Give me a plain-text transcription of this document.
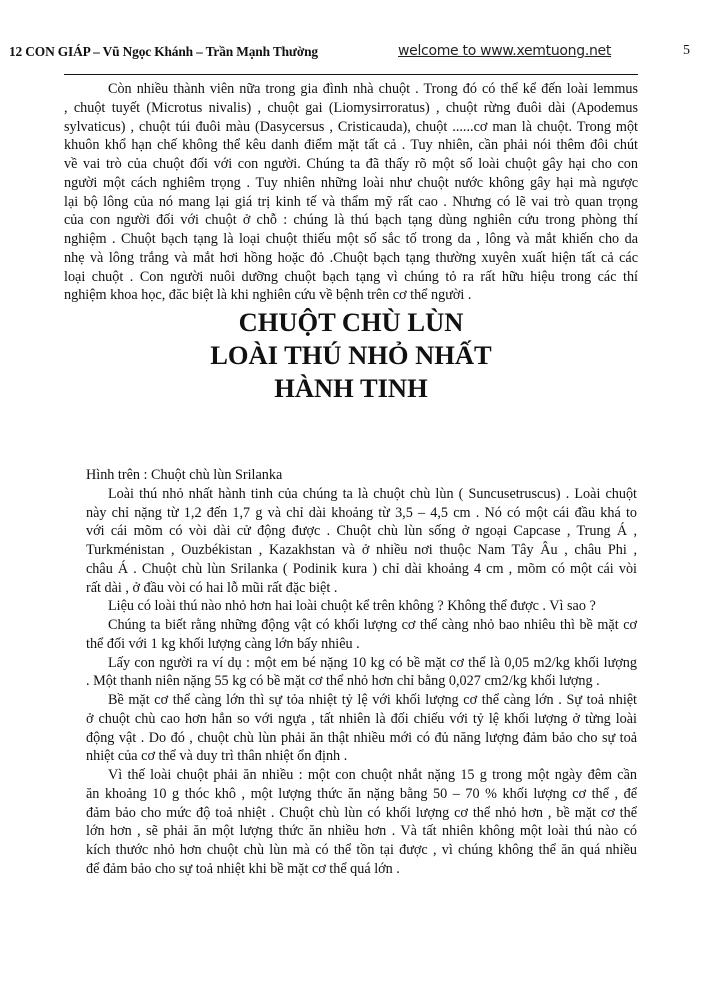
12 CON GIÁP – Vũ Ngọc Khánh – Trần Mạnh Thường	welcome to www.xemtuong.net	5
Còn nhiều thành viên nữa trong gia đình nhà chuột . Trong đó có thể kể đến loài lemmus
, chuột tuyết (Microtus nivalis) , chuột gai (Liomysirroratus) , chuột rừng đuôi dài (Apodemus
sylvaticus) , chuột túi đuôi màu (Dasycersus , Cristicauda), chuột ......cơ man là chuột. Trong một
khuôn khổ hạn chế không thể kêu danh điểm mặt tất cả . Tuy nhiên, cần phải nói thêm đôi chút
về vai trò của chuột đối với con người. Chúng ta đã thấy rõ một số loài chuột gây hại cho con
người một cách nghiêm trọng . Tuy nhiên những loài như chuột nước không gây hại mà ngược
lại bộ lông của nó mang lại giá trị kinh tế và thẩm mỹ rất cao . Nhưng có lẽ vai trò quan trọng
của con người đối với chuột ở chỗ : chúng là thú bạch tạng dùng nghiên cứu trong phòng thí
nghiệm . Chuột bạch tạng là loại chuột thiếu một số sắc tố trong da , lông và mắt khiến cho da
nhẹ và lông trắng và mắt hơi hồng hoặc đỏ .Chuột bạch tạng thường xuyên xuất hiện tất cả các
loại chuột . Con người nuôi dưỡng chuột bạch tạng vì chúng tỏ ra rất hữu hiệu trong các thí
nghiệm khoa học, đăc biệt là khi nghiên cứu về bệnh trên cơ thể người .
CHUỘT CHÙ LÙN
LOÀI THÚ NHỎ NHẤT
HÀNH TINH
Hình trên : Chuột chù lùn Srilanka
Loài thú nhỏ nhất hành tinh của chúng ta là chuột chù lùn ( Suncusetruscus) . Loài chuột
này chỉ nặng từ 1,2 đến 1,7 g và chỉ dài khoảng từ 3,5 – 4,5 cm . Nó có một cái đầu khá to
với cái mõm có vòi dài cử động được . Chuột chù lùn sống ở ngoại Capcase , Trung Á ,
Turkménistan , Ouzbékistan , Kazakhstan và ở nhiều nơi thuộc Nam Tây Âu , châu Phi ,
châu Á . Chuột chù lùn Srilanka ( Podinik kura ) chỉ dài khoảng 4 cm , mõm có một cái vòi
rất dài , ở đầu vòi có hai lỗ mũi rất đặc biệt .
Liệu có loài thú nào nhỏ hơn hai loài chuột kể trên không ? Không thể được . Vì sao ?
Chúng ta biết rằng những động vật có khối lượng cơ thể càng nhỏ bao nhiêu thì bề mặt cơ
thể đối với 1 kg khối lượng càng lớn bấy nhiêu .
Lấy con người ra ví dụ : một em bé nặng 10 kg có bề mặt cơ thể là 0,05 m2/kg khối lượng
. Một thanh niên nặng 55 kg có bề mặt cơ thể nhỏ hơn chỉ bằng 0,027 cm2/kg khối lượng .
Bề mặt cơ thể càng lớn thì sự tỏa nhiệt tỷ lệ với khối lượng cơ thể càng lớn . Sự toả nhiệt
ở chuột chù cao hơn hẳn so với ngựa , tất nhiên là đối chiếu với tỷ lệ khối lượng ở từng loài
động vật . Do đó , chuột chù lùn phải ăn thật nhiều mới có đủ năng lượng đảm bảo cho sự toả
nhiệt của cơ thể và duy trì thân nhiệt ổn định .
Vì thế loài chuột phải ăn nhiều : một con chuột nhắt nặng 15 g trong một ngày đêm cần
ăn khoảng 10 g thóc khô , một lượng thức ăn nặng bằng 50 – 70 % khối lượng cơ thể , để
đảm bảo cho mức độ toả nhiệt . Chuột chù lùn có khối lượng cơ thể nhỏ hơn , bề mặt cơ thể
lớn hơn , sẽ phải ăn một lượng thức ăn nhiều hơn . Và tất nhiên không một loài thú nào có
kích thước nhỏ hơn chuột chù lùn mà có thể tồn tại được , vì chúng không thể ăn quá nhiều
để đảm bảo cho sự toả nhiệt khi bề mặt cơ thể quá lớn .
